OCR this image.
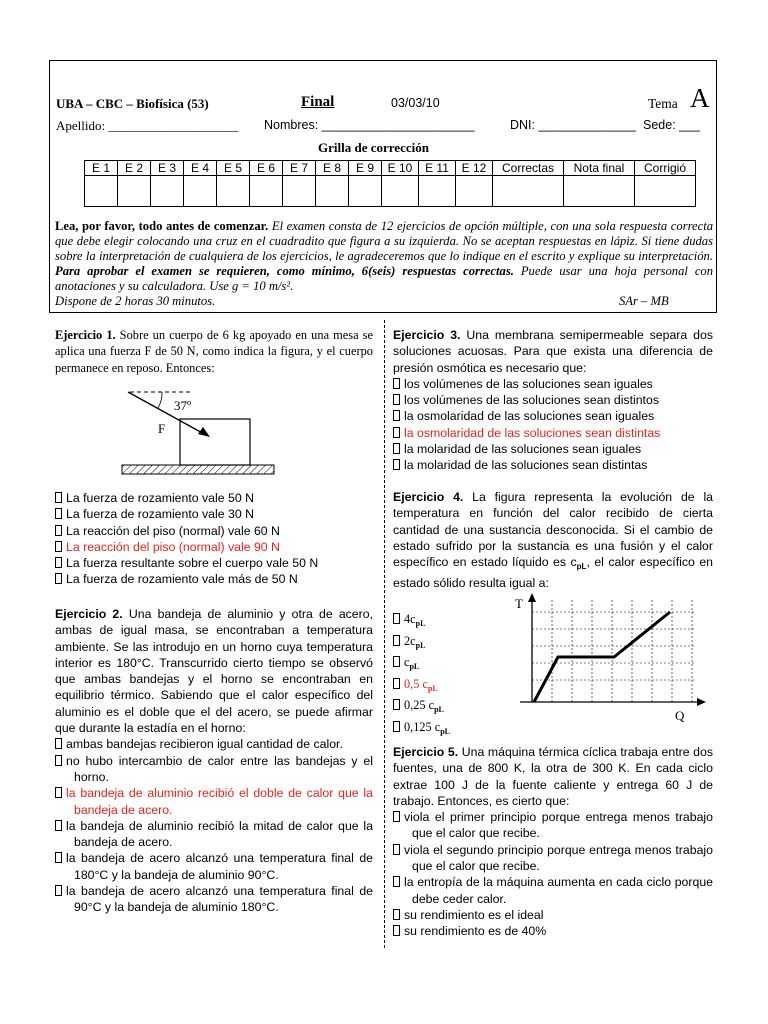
UBA – CBC – Biofísica (53)	Final	03/03/10	Tema A
Apellido: ____________________ Nombres: ______________________	DNI: ______________ Sede: ___
Grilla de corrección
E 1	E 2	E 3	E 4	E 5	E 6	E 7	E 8	E 9	E 10	E 11	E 12	Correctas	Nota final	Corrigió

Lea, por favor, todo antes de comenzar. El examen consta de 12 ejercicios de opción múltiple, con una sola respuesta correcta que debe elegir colocando una cruz en el cuadradito que figura a su izquierda. No se aceptan respuestas en lápiz. Si tiene dudas sobre la interpretación de cualquiera de los ejercicios, le agradeceremos que lo indique en el escrito y explique su interpretación. Para aprobar el examen se requieren, como mínimo, 6(seis) respuestas correctas. Puede usar una hoja personal con anotaciones y su calculadora. Use g = 10 m/s².
Dispone de 2 horas 30 minutos.	SAr – MB

Ejercicio 1. Sobre un cuerpo de 6 kg apoyado en una mesa se aplica una fuerza F de 50 N, como indica la figura, y el cuerpo permanece en reposo. Entonces:

37º
F
La fuerza de rozamiento vale 50 N
La fuerza de rozamiento vale 30 N
La reacción del piso (normal) vale 60 N
La reacción del piso (normal) vale 90 N
La fuerza resultante sobre el cuerpo vale 50 N
La fuerza de rozamiento vale más de 50 N

Ejercicio 2. Una bandeja de aluminio y otra de acero, ambas de igual masa, se encontraban a temperatura ambiente. Se las introdujo en un horno cuya temperatura interior es 180°C. Transcurrido cierto tiempo se observó que ambas bandejas y el horno se encontraban en equilibrio térmico. Sabiendo que el calor específico del aluminio es el doble que el del acero, se puede afirmar que durante la estadía en el horno:

ambas bandejas recibieron igual cantidad de calor.
no hubo intercambio de calor entre las bandejas y el horno.
la bandeja de aluminio recibió el doble de calor que la bandeja de acero.
la bandeja de aluminio recibió la mitad de calor que la bandeja de acero.
la bandeja de acero alcanzó una temperatura final de 180°C y la bandeja de aluminio 90°C.
la bandeja de acero alcanzó una temperatura final de 90°C y la bandeja de aluminio 180°C.

Ejercicio 3. Una membrana semipermeable separa dos soluciones acuosas. Para que exista una diferencia de presión osmótica es necesario que:

los volúmenes de las soluciones sean iguales
los volúmenes de las soluciones sean distintos
la osmolaridad de las soluciones sean iguales
la osmolaridad de las soluciones sean distintas
la molaridad de las soluciones sean iguales
la molaridad de las soluciones sean distintas

Ejercicio 4. La figura representa la evolución de la temperatura en función del calor recibido de cierta cantidad de una sustancia desconocida. Si el cambio de estado sufrido por la sustancia es una fusión y el calor específico en estado líquido es $c_{pL}$, el calor específico en estado sólido resulta igual a:

$4c_{pL}$
$2c_{pL}$
$c_{pL}$
0,5 $c_{pL}$
0,25 $c_{pL}$
0,125 $c_{pL}$
T
Q

Ejercicio 5. Una máquina térmica cíclica trabaja entre dos fuentes, una de 800 K, la otra de 300 K. En cada ciclo extrae 100 J de la fuente caliente y entrega 60 J de trabajo. Entonces, es cierto que:

viola el primer principio porque entrega menos trabajo que el calor que recibe.
viola el segundo principio porque entrega menos trabajo que el calor que recibe.
la entropía de la máquina aumenta en cada ciclo porque debe ceder calor.
su rendimiento es el ideal
su rendimiento es de 40%
